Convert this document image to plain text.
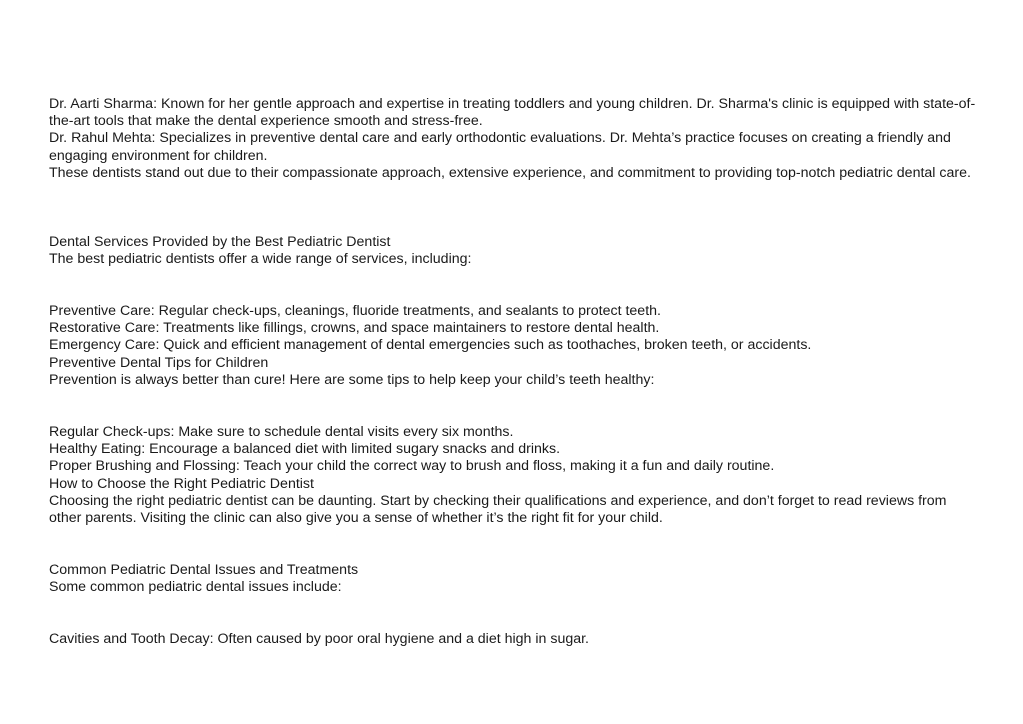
Dr. Aarti Sharma: Known for her gentle approach and expertise in treating toddlers and young children. Dr. Sharma's clinic is equipped with state-of-the-art tools that make the dental experience smooth and stress-free.

Dr. Rahul Mehta: Specializes in preventive dental care and early orthodontic evaluations. Dr. Mehta’s practice focuses on creating a friendly and engaging environment for children.

These dentists stand out due to their compassionate approach, extensive experience, and commitment to providing top-notch pediatric dental care.

Dental Services Provided by the Best Pediatric Dentist

The best pediatric dentists offer a wide range of services, including:

Preventive Care: Regular check-ups, cleanings, fluoride treatments, and sealants to protect teeth.

Restorative Care: Treatments like fillings, crowns, and space maintainers to restore dental health.

Emergency Care: Quick and efficient management of dental emergencies such as toothaches, broken teeth, or accidents.

Preventive Dental Tips for Children

Prevention is always better than cure! Here are some tips to help keep your child’s teeth healthy:

Regular Check-ups: Make sure to schedule dental visits every six months.

Healthy Eating: Encourage a balanced diet with limited sugary snacks and drinks.

Proper Brushing and Flossing: Teach your child the correct way to brush and floss, making it a fun and daily routine.

How to Choose the Right Pediatric Dentist

Choosing the right pediatric dentist can be daunting. Start by checking their qualifications and experience, and don’t forget to read reviews from other parents. Visiting the clinic can also give you a sense of whether it’s the right fit for your child.

Common Pediatric Dental Issues and Treatments

Some common pediatric dental issues include:

Cavities and Tooth Decay: Often caused by poor oral hygiene and a diet high in sugar.
